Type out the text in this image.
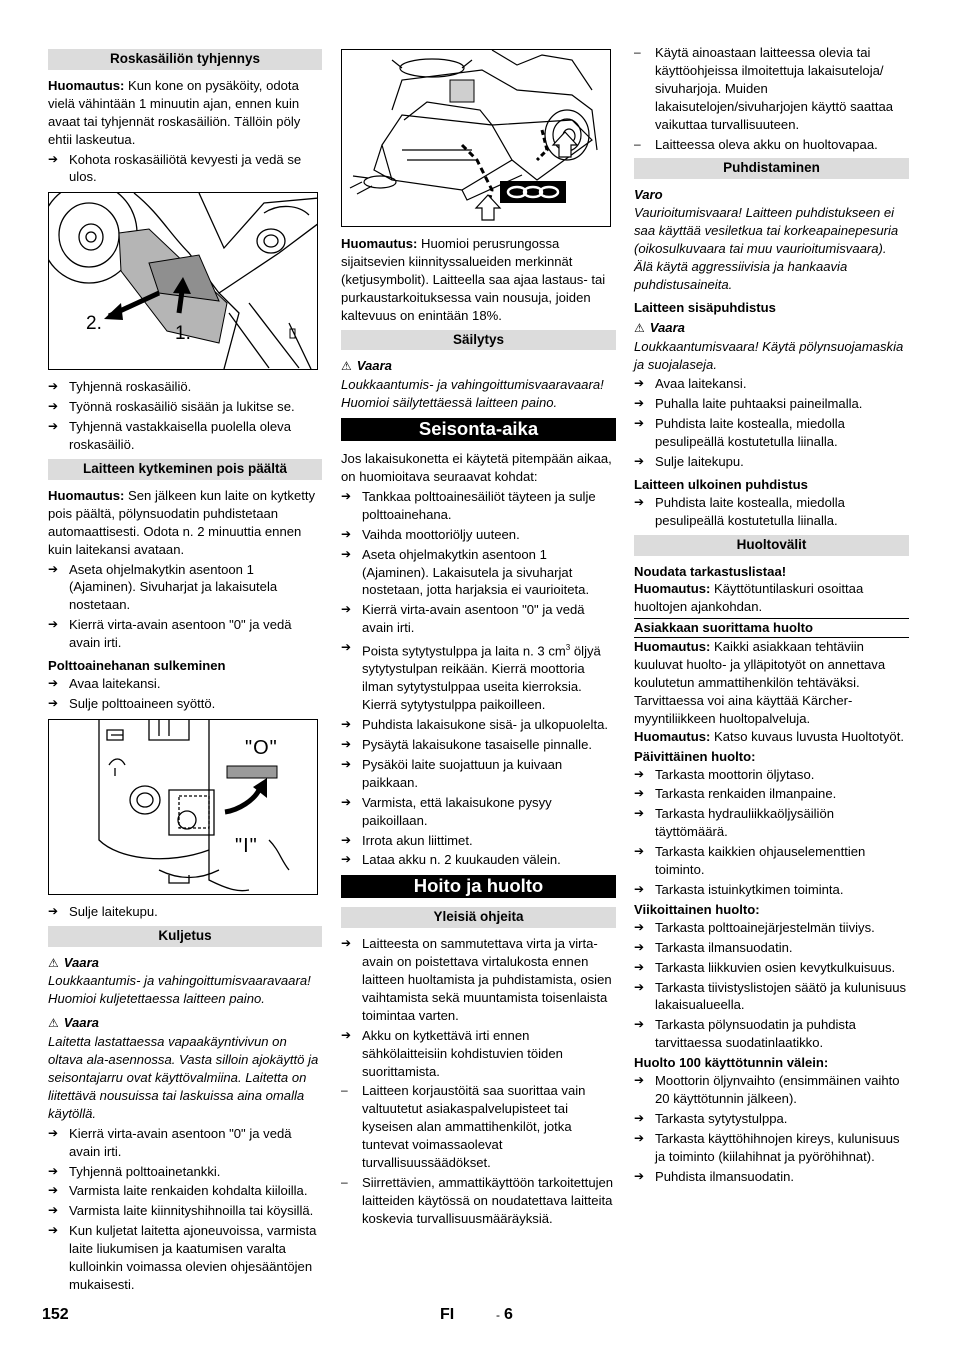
Roskasäiliön tyhjennys
Huomautus: Kun kone on pysäköity, odota vielä vähintään 1 minuutin ajan, ennen kuin avaat tai tyhjennät roskasäiliön. Tällöin pöly ehtii laskeutua.
➔ Kohota roskasäiliötä kevyesti ja vedä se ulos.
2.	1.
➔ Tyhjennä roskasäiliö.
➔ Työnnä roskasäiliö sisään ja lukitse se.
➔ Tyhjennä vastakkaisella puolella oleva roskasäiliö.
Laitteen kytkeminen pois päältä
Huomautus: Sen jälkeen kun laite on kytketty pois päältä, pölynsuodatin puhdistetaan automaattisesti. Odota n. 2 minuuttia ennen kuin laitekansi avataan.
➔ Aseta ohjelmakytkin asentoon 1 (Ajaminen). Sivuharjat ja lakaisutela nostetaan.
➔ Kierrä virta-avain asentoon "0" ja vedä avain irti.
Polttoainehanan sulkeminen
➔ Avaa laitekansi.
➔ Sulje polttoaineen syöttö.
"O"
"I"
➔ Sulje laitekupu.
Kuljetus
⚠ Vaara
Loukkaantumis- ja vahingoittumisvaaravaara! Huomioi kuljetettaessa laitteen paino.
⚠ Vaara
Laitetta lastattaessa vapaakäyntivivun on oltava ala-asennossa. Vasta silloin ajokäyttö ja seisontajarru ovat käyttövalmiina. Laitetta on liitettävä nousuissa tai laskuissa aina omalla käytöllä.
➔ Kierrä virta-avain asentoon "0" ja vedä avain irti.
➔ Tyhjennä polttoainetankki.
➔ Varmista laite renkaiden kohdalta kiiloilla.
➔ Varmista laite kiinnityshihnoilla tai köysillä.
➔ Kun kuljetat laitetta ajoneuvoissa, varmista laite liukumisen ja kaatumisen varalta kulloinkin voimassa olevien ohjesääntöjen mukaisesti.
Huomautus: Huomioi perusrungossa sijaitsevien kiinnityssalueiden merkinnät (ketjusymbolit). Laitteella saa ajaa lastaus- tai purkaustarkoituksessa vain nousuja, joiden kaltevuus on enintään 18%.
Säilytys
⚠ Vaara
Loukkaantumis- ja vahingoittumisvaaravaara! Huomioi säilytettäessä laitteen paino.
Seisonta-aika
Jos lakaisukonetta ei käytetä pitempään aikaa, on huomioitava seuraavat kohdat:
➔ Tankkaa polttoainesäiliöt täyteen ja sulje polttoainehana.
➔ Vaihda moottoriöljy uuteen.
➔ Aseta ohjelmakytkin asentoon 1 (Ajaminen). Lakaisutela ja sivuharjat nostetaan, jotta harjaksia ei vaurioiteta.
➔ Kierrä virta-avain asentoon "0" ja vedä avain irti.
➔ Poista sytytystulppa ja laita n. 3 $cm^3$ öljyä sytytystulpan reikään. Kierrä moottoria ilman sytytystulppaa useita kierroksia. Kierrä sytytystulppa paikoilleen.
➔ Puhdista lakaisukone sisä- ja ulkopuolelta.
➔ Pysäytä lakaisukone tasaiselle pinnalle.
➔ Pysäköi laite suojattuun ja kuivaan paikkaan.
➔ Varmista, että lakaisukone pysyy paikoillaan.
➔ Irrota akun liittimet.
➔ Lataa akku n. 2 kuukauden välein.
Hoito ja huolto
Yleisiä ohjeita
➔ Laitteesta on sammutettava virta ja virta-avain on poistettava virtalukosta ennen laitteen huoltamista ja puhdistamista, osien vaihtamista sekä muuntamista toisenlaista toimintaa varten.
➔ Akku on kytkettävä irti ennen sähkölaitteisiin kohdistuvien töiden suorittamista.
– Laitteen korjaustöitä saa suorittaa vain valtuutetut asiakaspalvelupisteet tai kyseisen alan ammattihenkilöt, jotka tuntevat voimassaolevat turvallisuussäädökset.
– Siirrettävien, ammattikäyttöön tarkoitettujen laitteiden käytössä on noudatettava laitteita koskevia turvallisuusmääräyksiä.
– Käytä ainoastaan laitteessa olevia tai käyttöohjeissa ilmoitettuja lakaisuteloja/ sivuharjoja. Muiden lakaisutelojen/sivuharjojen käyttö saattaa vaikuttaa turvallisuuteen.
– Laitteessa oleva akku on huoltovapaa.
Puhdistaminen
Varo
Vaurioitumisvaara! Laitteen puhdistukseen ei saa käyttää vesiletkua tai korkeapainepesuria (oikosulkuvaara tai muu vaurioitumisvaara).
Älä käytä aggressiivisia ja hankaavia puhdistusaineita.
Laitteen sisäpuhdistus
⚠ Vaara
Loukkaantumisvaara! Käytä pölynsuojamaskia ja suojalaseja.
➔ Avaa laitekansi.
➔ Puhalla laite puhtaaksi paineilmalla.
➔ Puhdista laite kostealla, miedolla pesulipeällä kostutetulla liinalla.
➔ Sulje laitekupu.
Laitteen ulkoinen puhdistus
➔ Puhdista laite kostealla, miedolla pesulipeällä kostutetulla liinalla.
Huoltovälit
Noudata tarkastuslistaa!
Huomautus: Käyttötuntilaskuri osoittaa huoltojen ajankohdan.
Asiakkaan suorittama huolto
Huomautus: Kaikki asiakkaan tehtäviin kuuluvat huolto- ja ylläpitotyöt on annettava koulutetun ammattihenkilön tehtäväksi. Tarvittaessa voi aina käyttää Kärcher-myyntiliikkeen huoltopalveluja.
Huomautus: Katso kuvaus luvusta Huoltotyöt.
Päivittäinen huolto:
➔ Tarkasta moottorin öljytaso.
➔ Tarkasta renkaiden ilmanpaine.
➔ Tarkasta hydrauliikkaöljysäiliön täyttömäärä.
➔ Tarkasta kaikkien ohjauselementtien toiminto.
➔ Tarkasta istuinkytkimen toiminta.
Viikoittainen huolto:
➔ Tarkasta polttoainejärjestelmän tiiviys.
➔ Tarkasta ilmansuodatin.
➔ Tarkasta liikkuvien osien kevytkulkuisuus.
➔ Tarkasta tiivistyslistojen säätö ja kulunisuus lakaisualueella.
➔ Tarkasta pölynsuodatin ja puhdista tarvittaessa suodatinlaatikko.
Huolto 100 käyttötunnin välein:
➔ Moottorin öljynvaihto (ensimmäinen vaihto 20 käyttötunnin jälkeen).
➔ Tarkasta sytytystulppa.
➔ Tarkasta käyttöhihnojen kireys, kulunisuus ja toiminto (kiilahihnat ja pyöröhihnat).
➔ Puhdista ilmansuodatin.
152	FI	- 6
